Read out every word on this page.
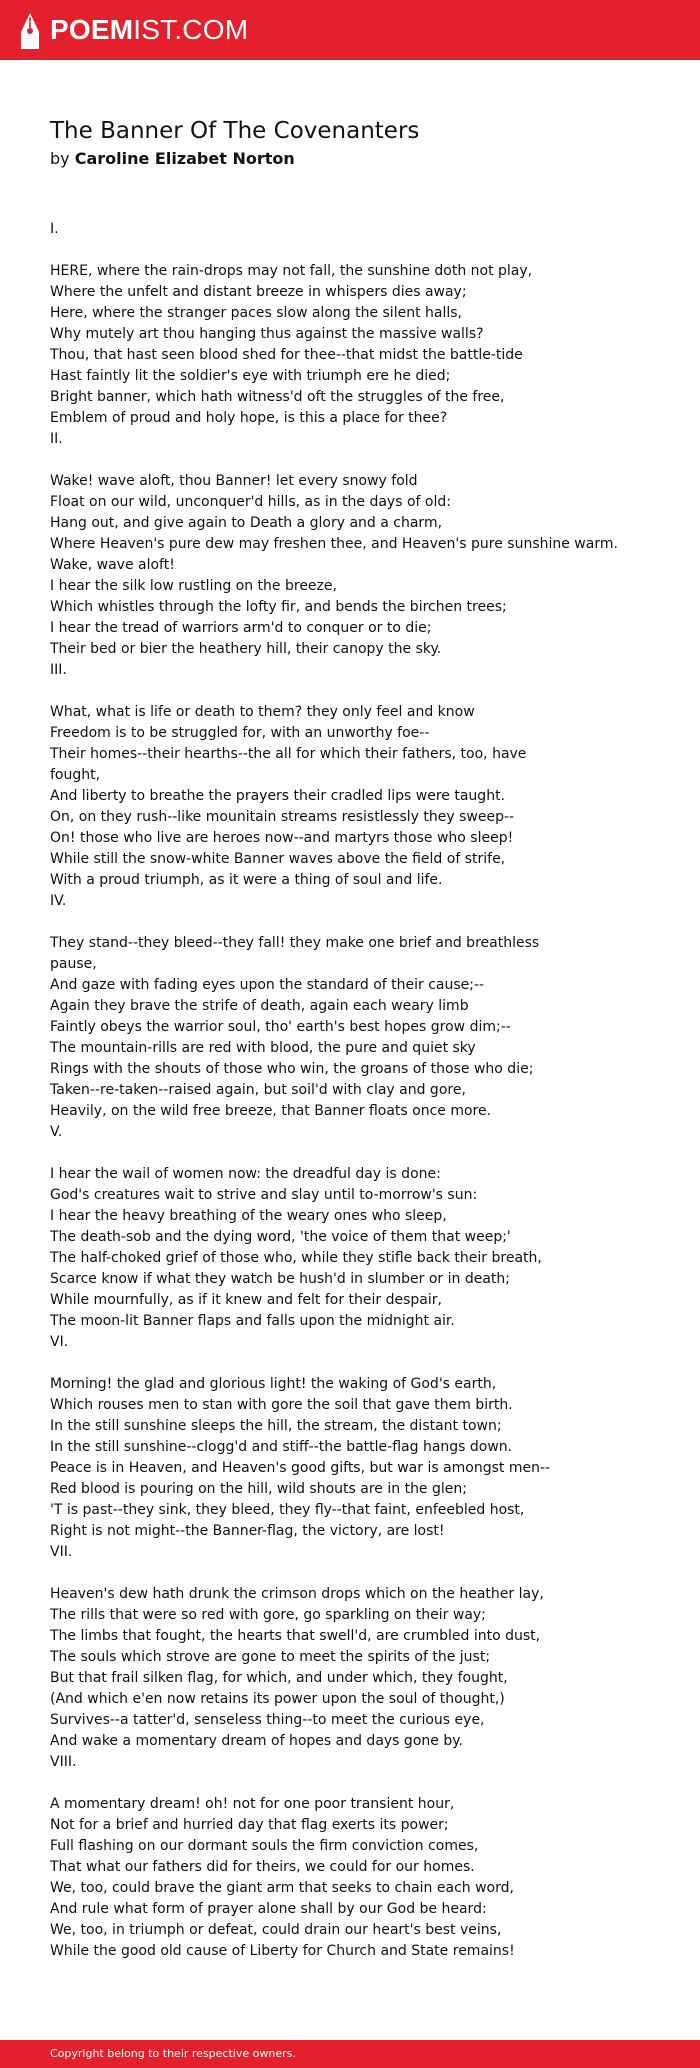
POEMIST.COM
The Banner Of The Covenanters
by Caroline Elizabet Norton
I.
HERE, where the rain-drops may not fall, the sunshine doth not play,
Where the unfelt and distant breeze in whispers dies away;
Here, where the stranger paces slow along the silent halls,
Why mutely art thou hanging thus against the massive walls?
Thou, that hast seen blood shed for thee--that midst the battle-tide
Hast faintly lit the soldier's eye with triumph ere he died;
Bright banner, which hath witness'd oft the struggles of the free,
Emblem of proud and holy hope, is this a place for thee?
II.
Wake! wave aloft, thou Banner! let every snowy fold
Float on our wild, unconquer'd hills, as in the days of old:
Hang out, and give again to Death a glory and a charm,
Where Heaven's pure dew may freshen thee, and Heaven's pure sunshine warm.
Wake, wave aloft!
I hear the silk low rustling on the breeze,
Which whistles through the lofty fir, and bends the birchen trees;
I hear the tread of warriors arm'd to conquer or to die;
Their bed or bier the heathery hill, their canopy the sky.
III.
What, what is life or death to them? they only feel and know
Freedom is to be struggled for, with an unworthy foe--
Their homes--their hearths--the all for which their fathers, too, have fought,
And liberty to breathe the prayers their cradled lips were taught.
On, on they rush--like mounitain streams resistlessly they sweep--
On! those who live are heroes now--and martyrs those who sleep!
While still the snow-white Banner waves above the field of strife,
With a proud triumph, as it were a thing of soul and life.
IV.
They stand--they bleed--they fall! they make one brief and breathless pause,
And gaze with fading eyes upon the standard of their cause;--
Again they brave the strife of death, again each weary limb
Faintly obeys the warrior soul, tho' earth's best hopes grow dim;--
The mountain-rills are red with blood, the pure and quiet sky
Rings with the shouts of those who win, the groans of those who die;
Taken--re-taken--raised again, but soil'd with clay and gore,
Heavily, on the wild free breeze, that Banner floats once more.
V.
I hear the wail of women now: the dreadful day is done:
God's creatures wait to strive and slay until to-morrow's sun:
I hear the heavy breathing of the weary ones who sleep,
The death-sob and the dying word, 'the voice of them that weep;'
The half-choked grief of those who, while they stifle back their breath,
Scarce know if what they watch be hush'd in slumber or in death;
While mournfully, as if it knew and felt for their despair,
The moon-lit Banner flaps and falls upon the midnight air.
VI.
Morning! the glad and glorious light! the waking of God's earth,
Which rouses men to stan with gore the soil that gave them birth.
In the still sunshine sleeps the hill, the stream, the distant town;
In the still sunshine--clogg'd and stiff--the battle-flag hangs down.
Peace is in Heaven, and Heaven's good gifts, but war is amongst men--
Red blood is pouring on the hill, wild shouts are in the glen;
'T is past--they sink, they bleed, they fly--that faint, enfeebled host,
Right is not might--the Banner-flag, the victory, are lost!
VII.
Heaven's dew hath drunk the crimson drops which on the heather lay,
The rills that were so red with gore, go sparkling on their way;
The limbs that fought, the hearts that swell'd, are crumbled into dust,
The souls which strove are gone to meet the spirits of the just;
But that frail silken flag, for which, and under which, they fought,
(And which e'en now retains its power upon the soul of thought,)
Survives--a tatter'd, senseless thing--to meet the curious eye,
And wake a momentary dream of hopes and days gone by.
VIII.
A momentary dream! oh! not for one poor transient hour,
Not for a brief and hurried day that flag exerts its power;
Full flashing on our dormant souls the firm conviction comes,
That what our fathers did for theirs, we could for our homes.
We, too, could brave the giant arm that seeks to chain each word,
And rule what form of prayer alone shall by our God be heard:
We, too, in triumph or defeat, could drain our heart's best veins,
While the good old cause of Liberty for Church and State remains!
Copyright belong to their respective owners.
